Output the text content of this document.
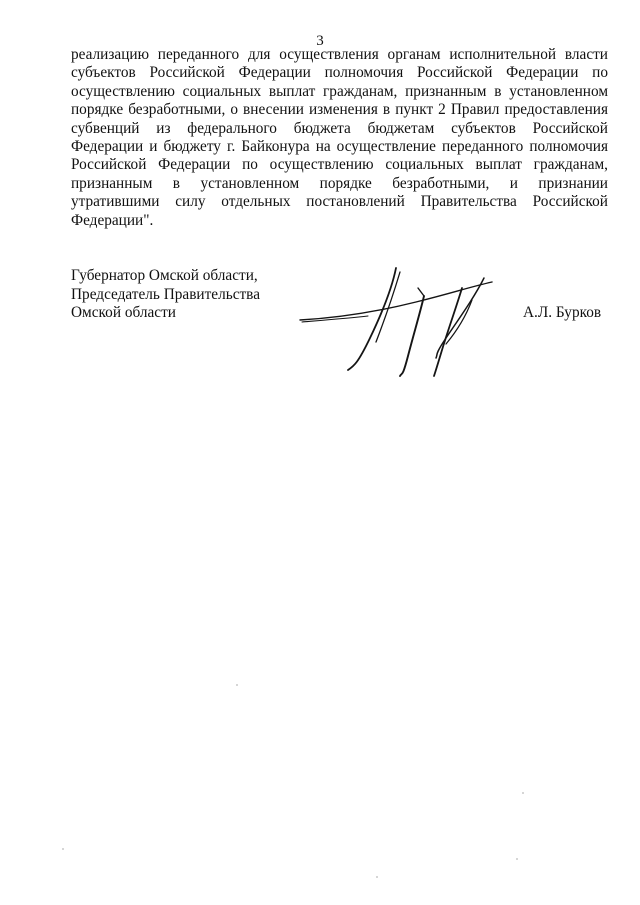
3
реализацию переданного для осуществления органам исполнительной власти
субъектов Российской Федерации полномочия Российской Федерации по
осуществлению социальных выплат гражданам, признанным в установленном
порядке безработными, о внесении изменения в пункт 2 Правил предоставления
субвенций из федерального бюджета бюджетам субъектов Российской
Федерации и бюджету г. Байконура на осуществление переданного полномочия
Российской Федерации по осуществлению социальных выплат гражданам,
признанным в установленном порядке безработными, и признании
утратившими силу отдельных постановлений Правительства Российской
Федерации".
Губернатор Омской области,
Председатель Правительства
Омской области	А.Л. Бурков
